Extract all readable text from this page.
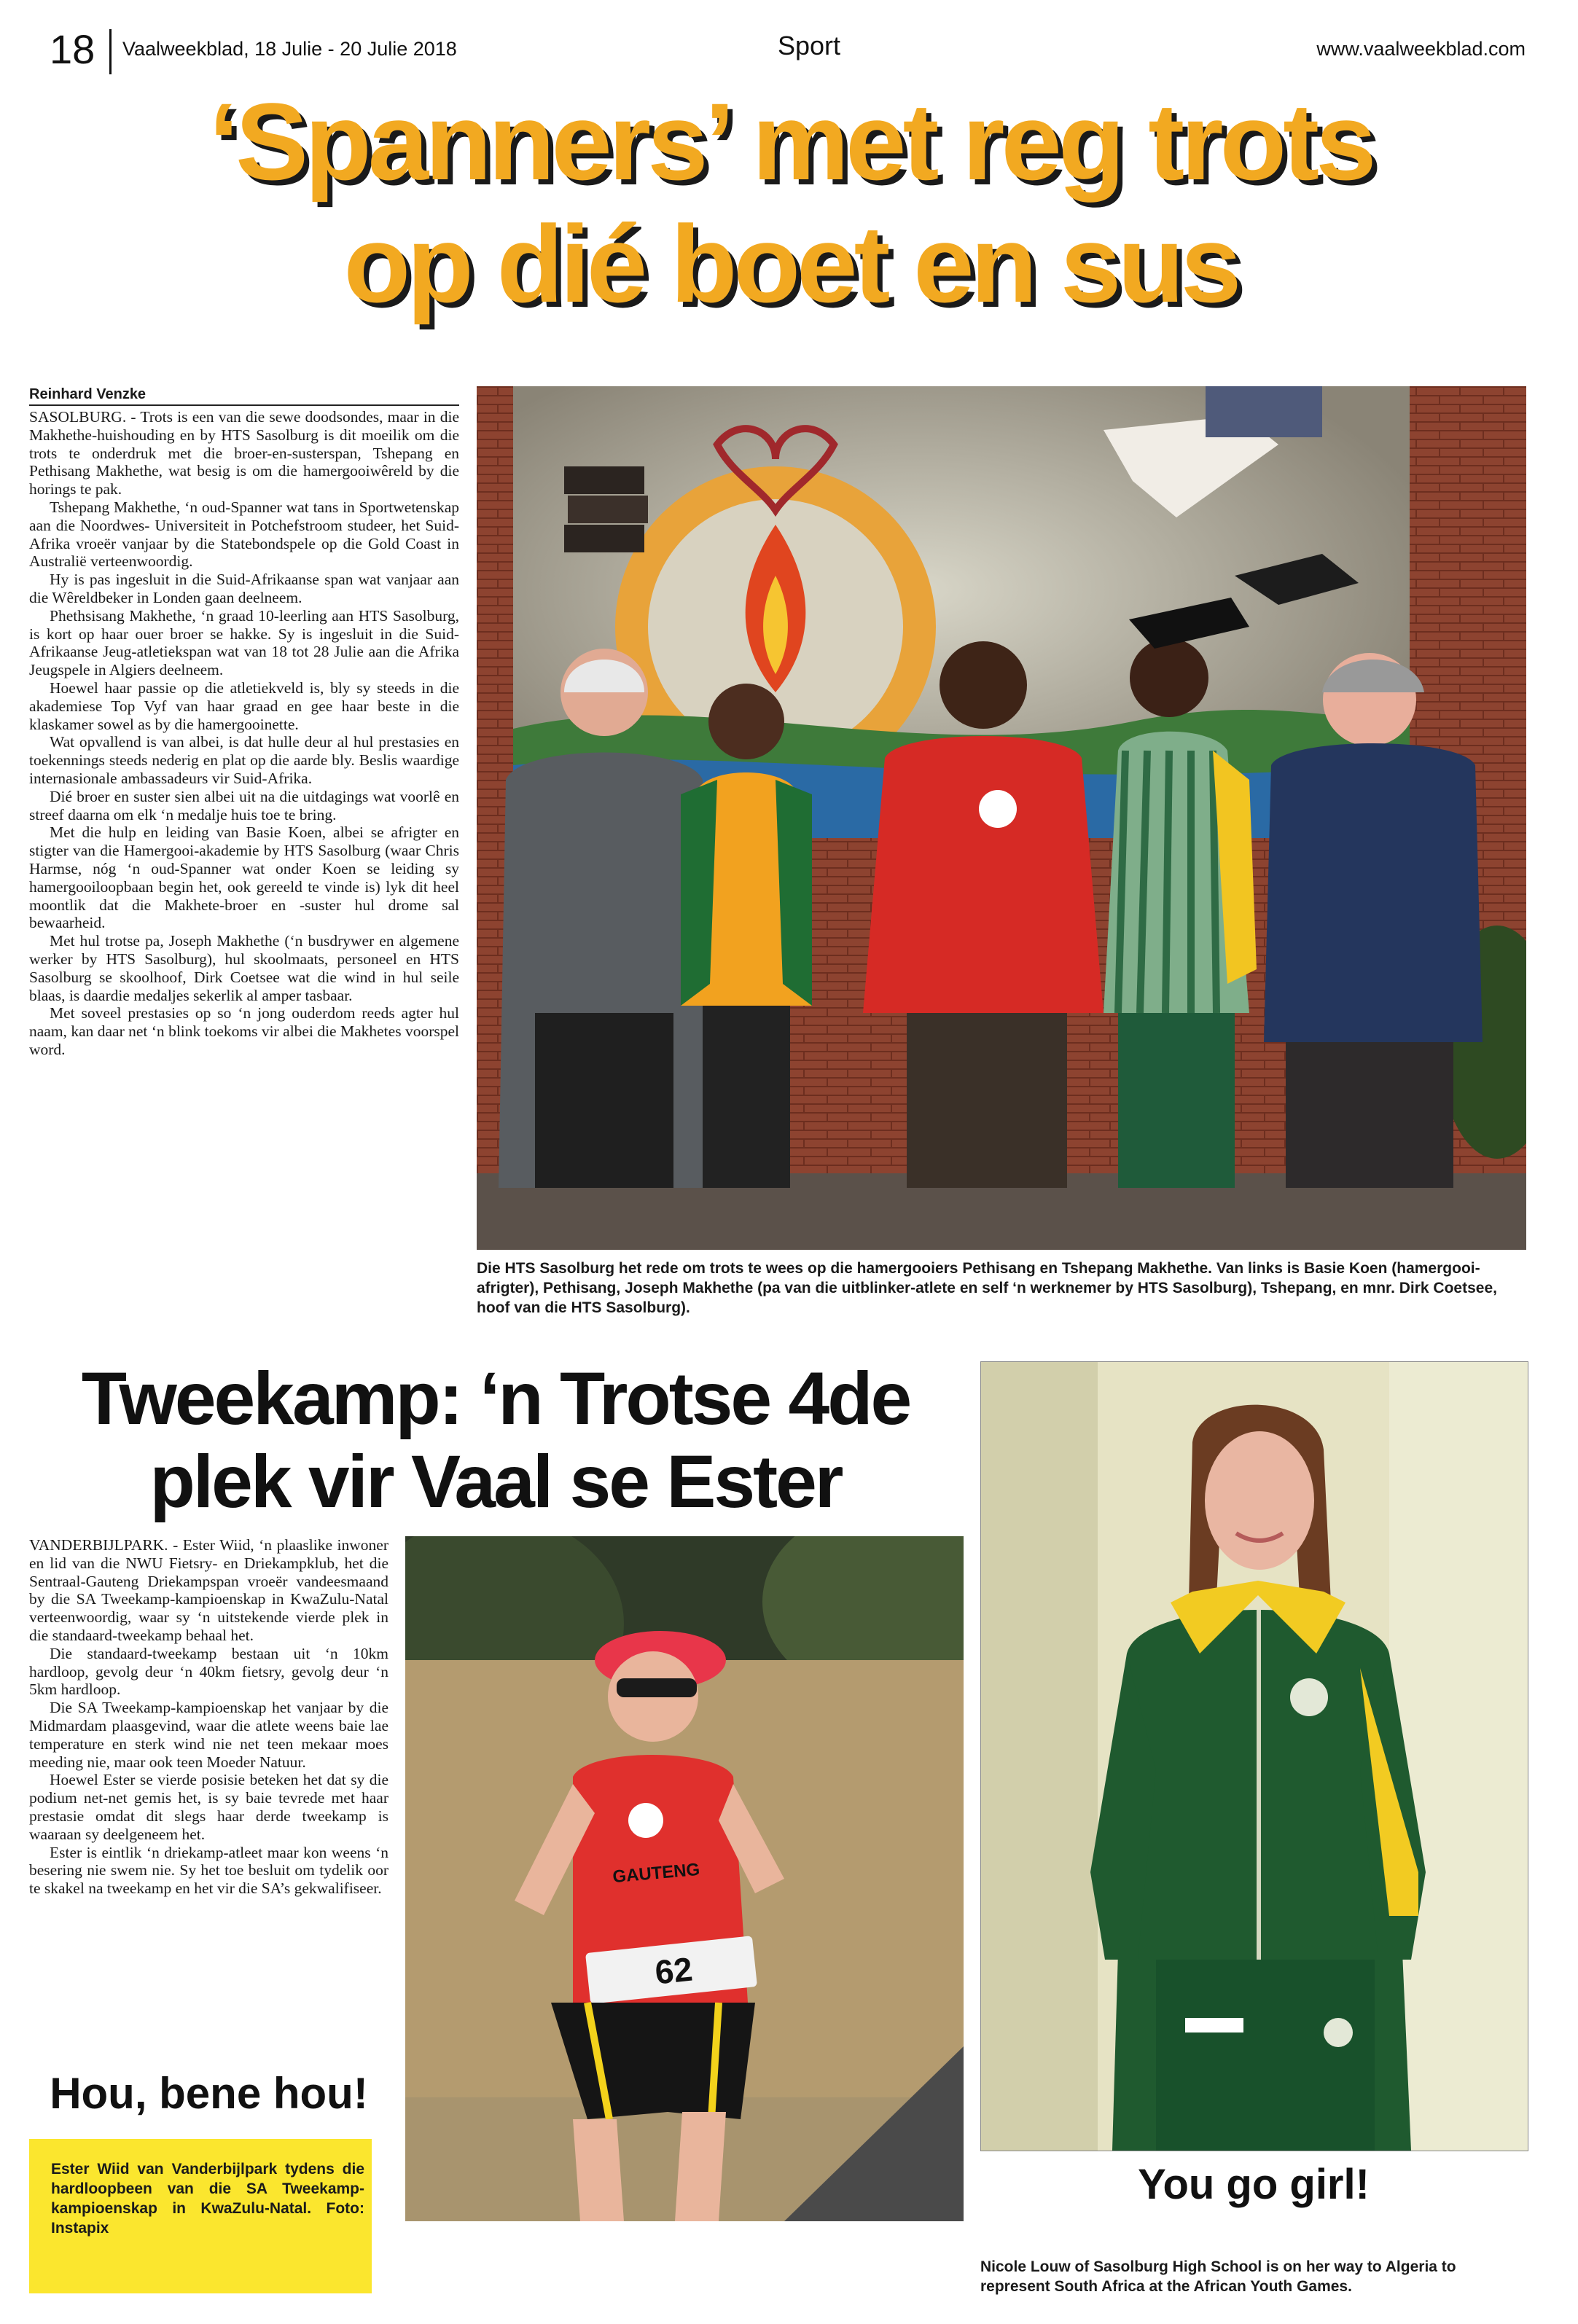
18 Vaalweekblad, 18 Julie - 20 Julie 2018	Sport	www.vaalweekblad.com
‘Spanners’ met reg trots
op dié boet en sus
Reinhard Venzke

SASOLBURG. - Trots is een van die sewe doodsondes, maar in die Makhethe-huishouding en by HTS Sasolburg is dit moeilik om die trots te onderdruk met die broer-en-susterspan, Tshepang en Pethisang Makhethe, wat besig is om die hamergooiwêreld by die horings te pak.

Tshepang Makhethe, ‘n oud-Spanner wat tans in Sportwetenskap aan die Noordwes- Universiteit in Potchefstroom studeer, het Suid-Afrika vroeër vanjaar by die Statebondspele op die Gold Coast in Australië verteenwoordig.

Hy is pas ingesluit in die Suid-Afrikaanse span wat vanjaar aan die Wêreldbeker in Londen gaan deelneem.

Phethsisang Makhethe, ‘n graad 10-leerling aan HTS Sasolburg, is kort op haar ouer broer se hakke. Sy is ingesluit in die Suid-Afrikaanse Jeug-atletiekspan wat van 18 tot 28 Julie aan die Afrika Jeugspele in Algiers deelneem.

Hoewel haar passie op die atletiekveld is, bly sy steeds in die akademiese Top Vyf van haar graad en gee haar beste in die klaskamer sowel as by die hamergooinette.

Wat opvallend is van albei, is dat hulle deur al hul prestasies en toekennings steeds nederig en plat op die aarde bly. Beslis waardige internasionale ambassadeurs vir Suid-Afrika.

Dié broer en suster sien albei uit na die uitdagings wat voorlê en streef daarna om elk ‘n medalje huis toe te bring.

Met die hulp en leiding van Basie Koen, albei se afrigter en stigter van die Hamergooi-akademie by HTS Sasolburg (waar Chris Harmse, nóg ‘n oud-Spanner wat onder Koen se leiding sy hamergooiloopbaan begin het, ook gereeld te vinde is) lyk dit heel moontlik dat die Makhete-broer en -suster hul drome sal bewaarheid.

Met hul trotse pa, Joseph Makhethe (‘n busdrywer en algemene werker by HTS Sasolburg), hul skoolmaats, personeel en HTS Sasolburg se skoolhoof, Dirk Coetsee wat die wind in hul seile blaas, is daardie medaljes sekerlik al amper tasbaar.

Met soveel prestasies op so ‘n jong ouderdom reeds agter hul naam, kan daar net ‘n blink toekoms vir albei die Makhetes voorspel word.

Die HTS Sasolburg het rede om trots te wees op die hamergooiers Pethisang en Tshepang Makhethe. Van links is Basie Koen (hamergooi-afrigter), Pethisang, Joseph Makhethe (pa van die uitblinker-atlete en self ‘n werknemer by HTS Sasolburg), Tshepang, en mnr. Dirk Coetsee, hoof van die HTS Sasolburg).
Tweekamp: ‘n Trotse 4de
plek vir Vaal se Ester

VANDERBIJLPARK. - Ester Wiid, ‘n plaaslike inwoner en lid van die NWU Fietsry- en Driekampklub, het die Sentraal-Gauteng Driekampspan vroeër vandeesmaand by die SA Tweekamp-kampioenskap in KwaZulu-Natal verteenwoordig, waar sy ‘n uitstekende vierde plek in die standaard-tweekamp behaal het.

Die standaard-tweekamp bestaan uit ‘n 10km hardloop, gevolg deur ‘n 40km fietsry, gevolg deur ‘n 5km hardloop.

Die SA Tweekamp-kampioenskap het vanjaar by die Midmardam plaasgevind, waar die atlete weens baie lae temperature en sterk wind nie net teen mekaar moes meeding nie, maar ook teen Moeder Natuur.

Hoewel Ester se vierde posisie beteken het dat sy die podium net-net gemis het, is sy baie tevrede met haar prestasie omdat dit slegs haar derde tweekamp is waaraan sy deelgeneem het.

Ester is eintlik ‘n driekamp-atleet maar kon weens ‘n besering nie swem nie. Sy het toe besluit om tydelik oor te skakel na tweekamp en het vir die SA’s gekwalifiseer.

GAUTENG
62
Hou, bene hou!
Ester Wiid van Vanderbijlpark tydens die hardloopbeen van die SA Tweekamp-kampioenskap in KwaZulu-Natal. Foto: Instapix
You go girl!
Nicole Louw of Sasolburg High School is on her way to Algeria to represent South Africa at the African Youth Games.
